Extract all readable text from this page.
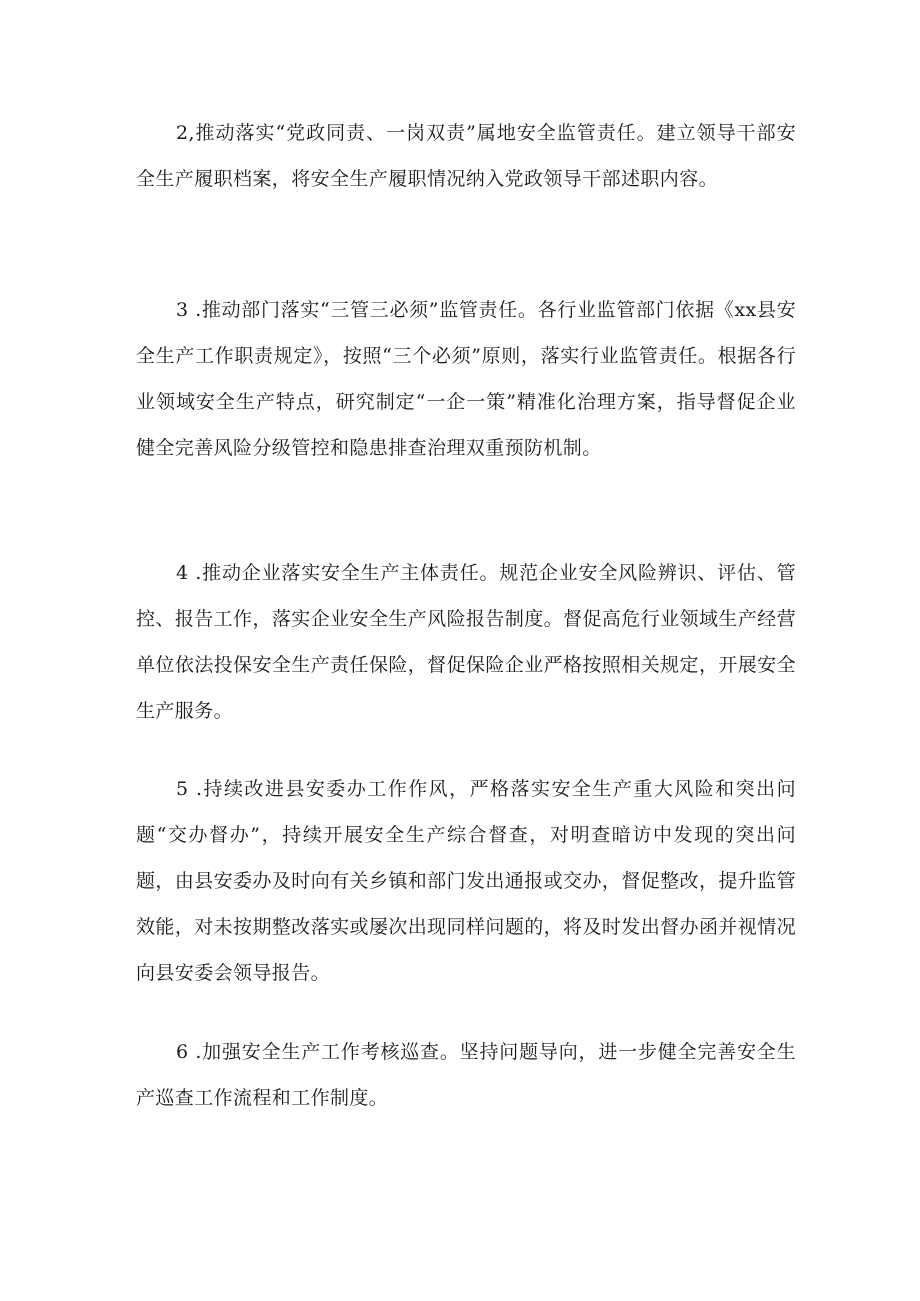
2,推动落实“党政同责、一岗双责”属地安全监管责任。建立领导干部安全生产履职档案，将安全生产履职情况纳入党政领导干部述职内容。

3 .推动部门落实“三管三必须”监管责任。各行业监管部门依据《xx县安全生产工作职责规定》，按照“三个必须”原则，落实行业监管责任。根据各行业领域安全生产特点，研究制定“一企一策”精准化治理方案，指导督促企业健全完善风险分级管控和隐患排查治理双重预防机制。

4 .推动企业落实安全生产主体责任。规范企业安全风险辨识、评估、管控、报告工作，落实企业安全生产风险报告制度。督促高危行业领域生产经营单位依法投保安全生产责任保险，督促保险企业严格按照相关规定，开展安全生产服务。

5 .持续改进县安委办工作作风，严格落实安全生产重大风险和突出问题“交办督办”，持续开展安全生产综合督查，对明查暗访中发现的突出问题，由县安委办及时向有关乡镇和部门发出通报或交办，督促整改，提升监管效能，对未按期整改落实或屡次出现同样问题的，将及时发出督办函并视情况向县安委会领导报告。

6 .加强安全生产工作考核巡查。坚持问题导向，进一步健全完善安全生产巡查工作流程和工作制度。
